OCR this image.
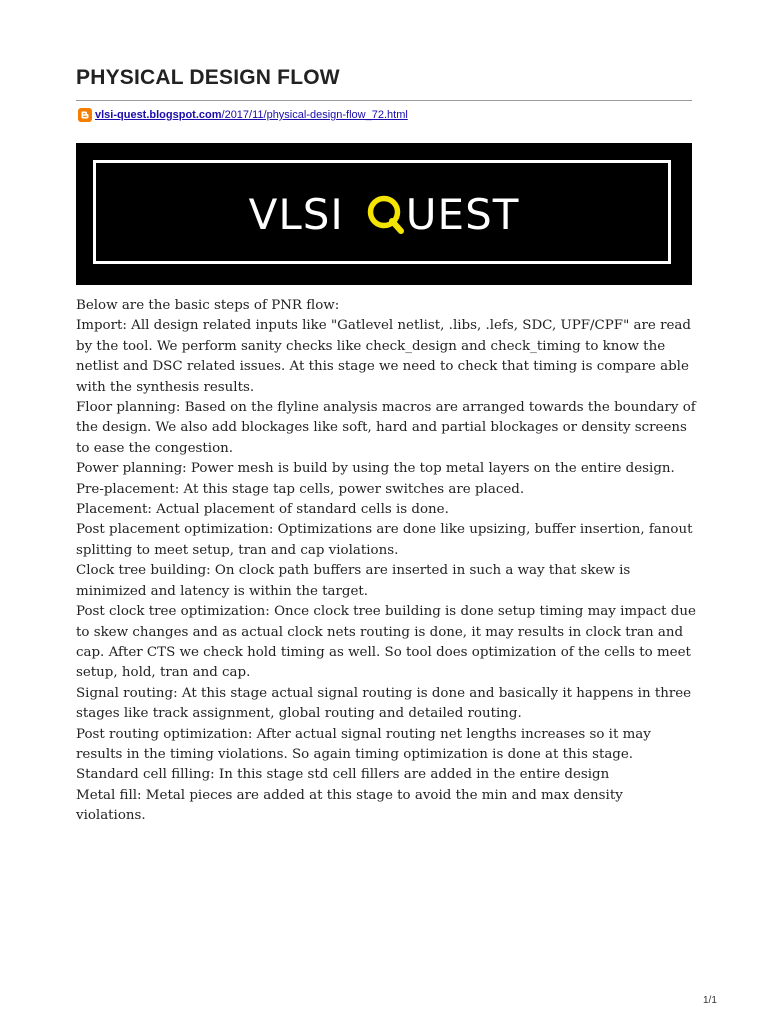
PHYSICAL DESIGN FLOW
vlsi-quest.blogspot.com /2017/11/physical-design-flow_72.html
VLSI UEST

Below are the basic steps of PNR flow:

Import: All design related inputs like "Gatlevel netlist, .libs, .lefs, SDC, UPF/CPF" are read by the tool. We perform sanity checks like check_design and check_timing to know the netlist and DSC related issues. At this stage we need to check that timing is compare able with the synthesis results.

Floor planning: Based on the flyline analysis macros are arranged towards the boundary of the design. We also add blockages like soft, hard and partial blockages or density screens to ease the congestion.

Power planning: Power mesh is build by using the top metal layers on the entire design.

Pre-placement: At this stage tap cells, power switches are placed.

Placement: Actual placement of standard cells is done.

Post placement optimization: Optimizations are done like upsizing, buffer insertion, fanout splitting to meet setup, tran and cap violations.

Clock tree building: On clock path buffers are inserted in such a way that skew is minimized and latency is within the target.

Post clock tree optimization: Once clock tree building is done setup timing may impact due to skew changes and as actual clock nets routing is done, it may results in clock tran and cap. After CTS we check hold timing as well. So tool does optimization of the cells to meet setup, hold, tran and cap.

Signal routing: At this stage actual signal routing is done and basically it happens in three stages like track assignment, global routing and detailed routing.

Post routing optimization: After actual signal routing net lengths increases so it may results in the timing violations. So again timing optimization is done at this stage.

Standard cell filling: In this stage std cell fillers are added in the entire design

Metal fill: Metal pieces are added at this stage to avoid the min and max density violations.

1/1
